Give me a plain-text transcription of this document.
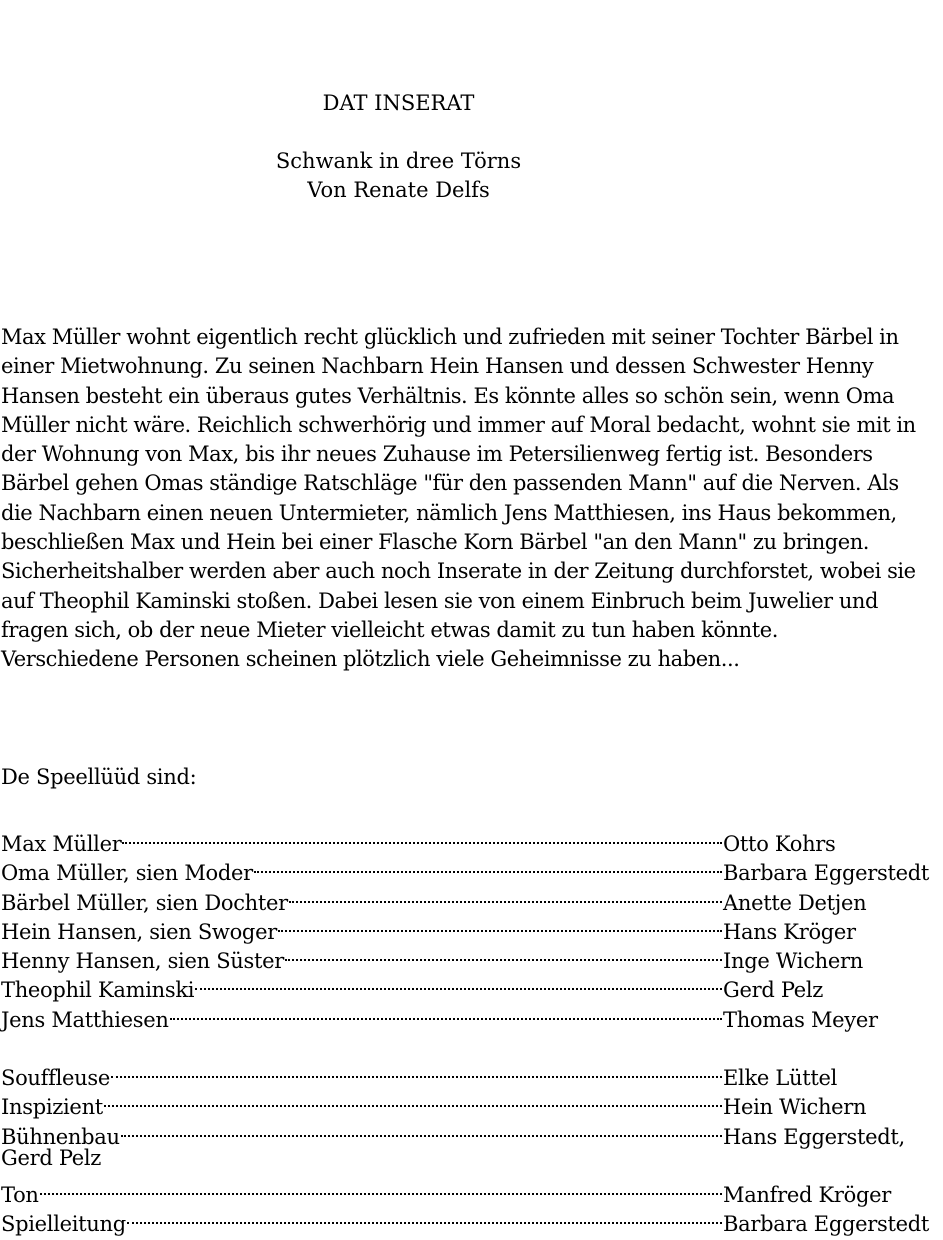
DAT INSERAT
Schwank in dree Törns
Von Renate Delfs
Max Müller wohnt eigentlich recht glücklich und zufrieden mit seiner Tochter Bärbel in
einer Mietwohnung. Zu seinen Nachbarn Hein Hansen und dessen Schwester Henny
Hansen besteht ein überaus gutes Verhältnis. Es könnte alles so schön sein, wenn Oma
Müller nicht wäre. Reichlich schwerhörig und immer auf Moral bedacht, wohnt sie mit in
der Wohnung von Max, bis ihr neues Zuhause im Petersilienweg fertig ist. Besonders
Bärbel gehen Omas ständige Ratschläge "für den passenden Mann" auf die Nerven. Als
die Nachbarn einen neuen Untermieter, nämlich Jens Matthiesen, ins Haus bekommen,
beschließen Max und Hein bei einer Flasche Korn Bärbel "an den Mann" zu bringen.
Sicherheitshalber werden aber auch noch Inserate in der Zeitung durchforstet, wobei sie
auf Theophil Kaminski stoßen. Dabei lesen sie von einem Einbruch beim Juwelier und
fragen sich, ob der neue Mieter vielleicht etwas damit zu tun haben könnte.
Verschiedene Personen scheinen plötzlich viele Geheimnisse zu haben...
De Speellüüd sind:
Max Müller	Otto Kohrs
Oma Müller, sien Moder	Barbara Eggerstedt
Bärbel Müller, sien Dochter	Anette Detjen
Hein Hansen, sien Swoger	Hans Kröger
Henny Hansen, sien Süster	Inge Wichern
Theophil Kaminski	Gerd Pelz
Jens Matthiesen	Thomas Meyer
Souffleuse	Elke Lüttel
Inspizient	Hein Wichern
Bühnenbau	Hans Eggerstedt,
Gerd Pelz
Ton	Manfred Kröger
Spielleitung	Barbara Eggerstedt
